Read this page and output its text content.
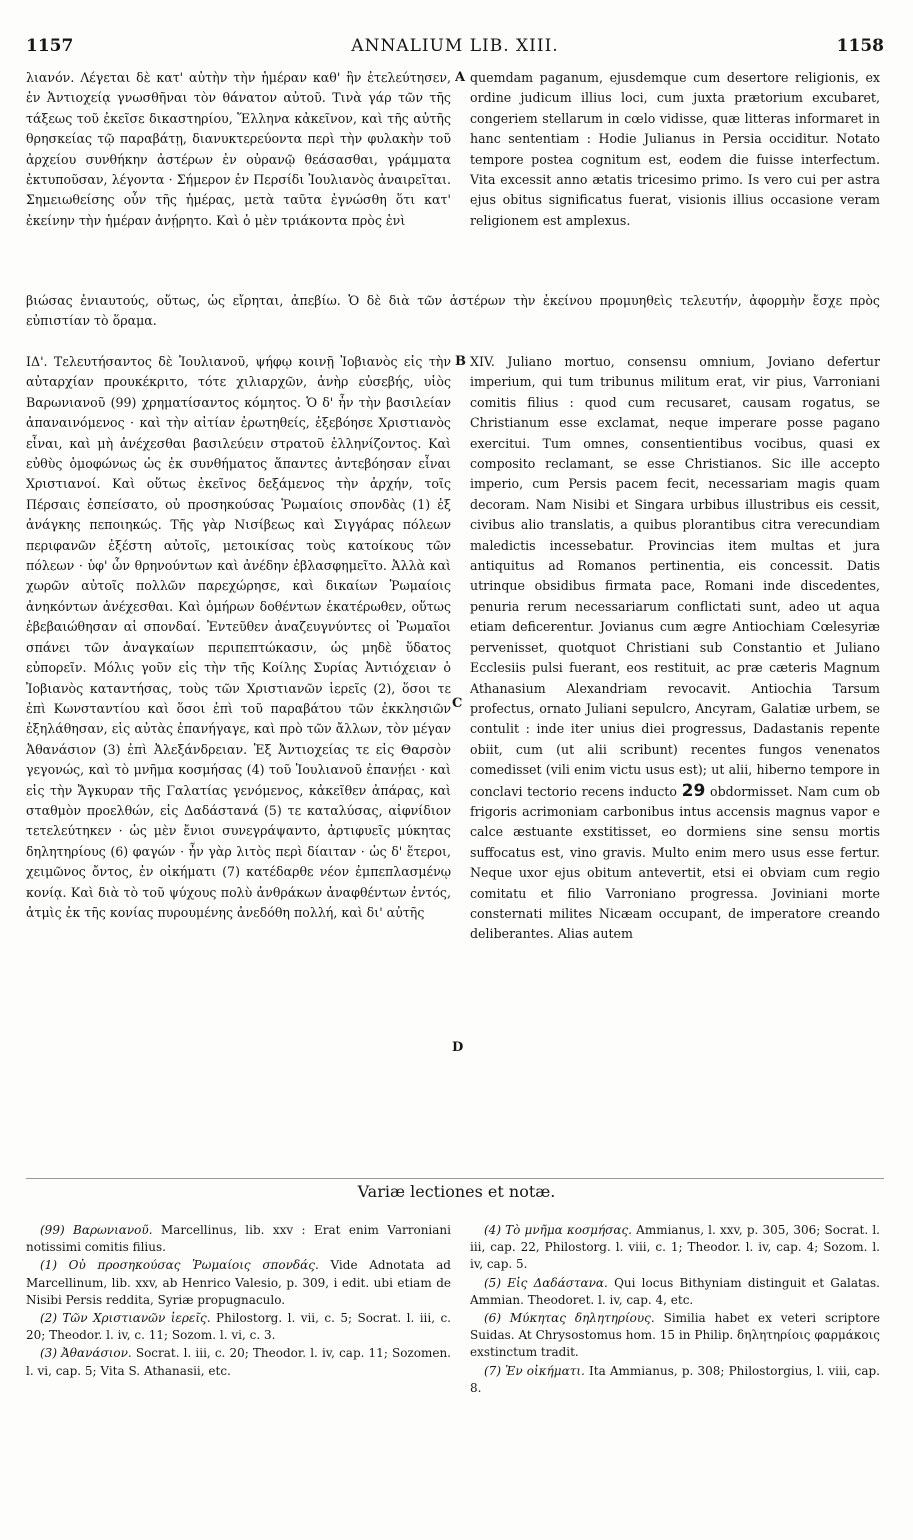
1157	ANNALIUM LIB. XIII.	1158

λιανόν. Λέγεται δὲ κατ' αὐτὴν τὴν ἡμέραν καθ' ἣν ἐτελεύτησεν, ἐν Ἀντιοχείᾳ γνωσθῆναι τὸν θάνατον αὐτοῦ. Τινὰ γάρ τῶν τῆς τάξεως τοῦ ἐκεῖσε δικαστηρίου, Ἕλληνα κἀκεῖνον, καὶ τῆς αὐτῆς θρησκείας τῷ παραβάτῃ, διανυκτερεύοντα περὶ τὴν φυλακὴν τοῦ ἀρχείου συνθήκην ἀστέρων ἐν οὐρανῷ θεάσασθαι, γράμματα ἐκτυποῦσαν, λέγοντα · Σήμερον ἐν Περσίδι Ἰουλιανὸς ἀναιρεῖται. Σημειωθείσης οὖν τῆς ἡμέρας, μετὰ ταῦτα ἐγνώσθη ὅτι κατ' ἐκείνην τὴν ἡμέραν ἀνῄρητο. Καὶ ὁ μὲν τριάκοντα πρὸς ἑνὶ

A quemdam paganum, ejusdemque cum desertore religionis, ex ordine judicum illius loci, cum juxta prætorium excubaret, congeriem stellarum in cœlo vidisse, quæ litteras informaret in hanc sententiam : Hodie Julianus in Persia occiditur. Notato tempore postea cognitum est, eodem die fuisse interfectum. Vita excessit anno ætatis tricesimo primo. Is vero cui per astra ejus obitus significatus fuerat, visionis illius occasione veram religionem est amplexus.

βιώσας ἐνιαυτούς, οὕτως, ὡς εἴρηται, ἀπεβίω. Ὁ δὲ διὰ τῶν ἀστέρων τὴν ἐκείνου προμυηθεὶς τελευτήν, ἀφορμὴν ἔσχε πρὸς εὐπιστίαν τὸ ὅραμα.

ΙΔ'. Τελευτήσαντος δὲ Ἰουλιανοῦ, ψήφῳ κοινῇ Ἰοβιανὸς εἰς τὴν αὐταρχίαν προυκέκριτο, τότε χιλιαρχῶν, ἀνὴρ εὐσεβής, υἱὸς Βαρωνιανοῦ (99) χρηματίσαντος κόμητος. Ὁ δ' ἦν τὴν βασιλείαν ἀπαναινόμενος · καὶ τὴν αἰτίαν ἐρωτηθείς, ἐξεβόησε Χριστιανὸς εἶναι, καὶ μὴ ἀνέχεσθαι βασιλεύειν στρατοῦ ἑλληνίζοντος. Καὶ εὐθὺς ὁμοφώνως ὡς ἐκ συνθήματος ἅπαντες ἀντεβόησαν εἶναι Χριστιανοί. Καὶ οὕτως ἐκεῖνος δεξάμενος τὴν ἀρχήν, τοῖς Πέρσαις ἐσπείσατο, οὐ προσηκούσας Ῥωμαίοις σπονδὰς (1) ἐξ ἀνάγκης πεποιηκώς. Τῆς γὰρ Νισίβεως καὶ Σιγγάρας πόλεων περιφανῶν ἐξέστη αὐτοῖς, μετοικίσας τοὺς κατοίκους τῶν πόλεων · ὑφ' ὧν θρηνούντων καὶ ἀνέδην ἐβλασφημεῖτο. Ἀλλὰ καὶ χωρῶν αὐτοῖς πολλῶν παρεχώρησε, καὶ δικαίων Ῥωμαίοις ἀνηκόντων ἀνέχεσθαι. Καὶ ὁμήρων δοθέντων ἑκατέρωθεν, οὕτως ἐβεβαιώθησαν αἱ σπονδαί. Ἐντεῦθεν ἀναζευγνύντες οἱ Ῥωμαῖοι σπάνει τῶν ἀναγκαίων περιπεπτώκασιν, ὡς μηδὲ ὕδατος εὐπορεῖν. Μόλις γοῦν εἰς τὴν τῆς Κοίλης Συρίας Ἀντιόχειαν ὁ Ἰοβιανὸς καταντήσας, τοὺς τῶν Χριστιανῶν ἱερεῖς (2), ὅσοι τε ἐπὶ Κωνσταντίου καὶ ὅσοι ἐπὶ τοῦ παραβάτου τῶν ἐκκλησιῶν ἐξηλάθησαν, εἰς αὐτὰς ἐπανήγαγε, καὶ πρὸ τῶν ἄλλων, τὸν μέγαν Ἀθανάσιον (3) ἐπὶ Ἀλεξάνδρειαν. Ἐξ Ἀντιοχείας τε εἰς Θαρσὸν γεγονώς, καὶ τὸ μνῆμα κοσμήσας (4) τοῦ Ἰουλιανοῦ ἐπανῄει · καὶ εἰς τὴν Ἄγκυραν τῆς Γαλατίας γενόμενος, κἀκεῖθεν ἀπάρας, καὶ σταθμὸν προελθών, εἰς Δαδάστανά (5) τε καταλύσας, αἰφνίδιον τετελεύτηκεν · ὡς μὲν ἔνιοι συνεγράψαντο, ἀρτιφυεῖς μύκητας δηλητηρίους (6) φαγών · ἦν γὰρ λιτὸς περὶ δίαιταν · ὡς δ' ἕτεροι, χειμῶνος ὄντος, ἐν οἰκήματι (7) κατέδαρθε νέον ἐμπεπλασμένῳ κονίᾳ. Καὶ διὰ τὸ τοῦ ψύχους πολὺ ἀνθράκων ἀναφθέντων ἐντός, ἀτμὶς ἐκ τῆς κονίας πυρουμένης ἀνεδόθη πολλή, καὶ δι' αὐτῆς

B
C
D

XIV. Juliano mortuo, consensu omnium, Joviano defertur imperium, qui tum tribunus militum erat, vir pius, Varroniani comitis filius : quod cum recusaret, causam rogatus, se Christianum esse exclamat, neque imperare posse pagano exercitui. Tum omnes, consentientibus vocibus, quasi ex composito reclamant, se esse Christianos. Sic ille accepto imperio, cum Persis pacem fecit, necessariam magis quam decoram. Nam Nisibi et Singara urbibus illustribus eis cessit, civibus alio translatis, a quibus plorantibus citra verecundiam maledictis incessebatur. Provincias item multas et jura antiquitus ad Romanos pertinentia, eis concessit. Datis utrinque obsidibus firmata pace, Romani inde discedentes, penuria rerum necessariarum conflictati sunt, adeo ut aqua etiam deficerentur. Jovianus cum ægre Antiochiam Cœlesyriæ pervenisset, quotquot Christiani sub Constantio et Juliano Ecclesiis pulsi fuerant, eos restituit, ac præ cæteris Magnum Athanasium Alexandriam revocavit. Antiochia Tarsum profectus, ornato Juliani sepulcro, Ancyram, Galatiæ urbem, se contulit : inde iter unius diei progressus, Dadastanis repente obiit, cum (ut alii scribunt) recentes fungos venenatos comedisset (vili enim victu usus est); ut alii, hiberno tempore in conclavi tectorio recens inducto 29 obdormisset. Nam cum ob frigoris acrimoniam carbonibus intus accensis magnus vapor e calce æstuante exstitisset, eo dormiens sine sensu mortis suffocatus est, vino gravis. Multo enim mero usus esse fertur. Neque uxor ejus obitum antevertit, etsi ei obviam cum regio comitatu et filio Varroniano progressa. Joviniani morte consternati milites Nicæam occupant, de imperatore creando deliberantes. Alias autem

Variæ lectiones et notæ.

(99) Βαρωνιανοῦ. Marcellinus, lib. xxv : Erat enim Varroniani notissimi comitis filius.

(1) Οὐ προσηκούσας Ῥωμαίοις σπονδάς. Vide Adnotata ad Marcellinum, lib. xxv, ab Henrico Valesio, p. 309, i edit. ubi etiam de Nisibi Persis reddita, Syriæ propugnaculo.

(2) Τῶν Χριστιανῶν ἱερεῖς. Philostorg. l. vii, c. 5; Socrat. l. iii, c. 20; Theodor. l. iv, c. 11; Sozom. l. vi, c. 3.

(3) Ἀθανάσιον. Socrat. l. iii, c. 20; Theodor. l. iv, cap. 11; Sozomen. l. vi, cap. 5; Vita S. Athanasii, etc.

(4) Τὸ μνῆμα κοσμήσας. Ammianus, l. xxv, p. 305, 306; Socrat. l. iii, cap. 22, Philostorg. l. viii, c. 1; Theodor. l. iv, cap. 4; Sozom. l. iv, cap. 5.

(5) Εἰς Δαδάστανα. Qui locus Bithyniam distinguit et Galatas. Ammian. Theodoret. l. iv, cap. 4, etc.

(6) Μύκητας δηλητηρίους. Similia habet ex veteri scriptore Suidas. At Chrysostomus hom. 15 in Philip. δηλητηρίοις φαρμάκοις exstinctum tradit.

(7) Ἐν οἰκήματι. Ita Ammianus, p. 308; Philostorgius, l. viii, cap. 8.
